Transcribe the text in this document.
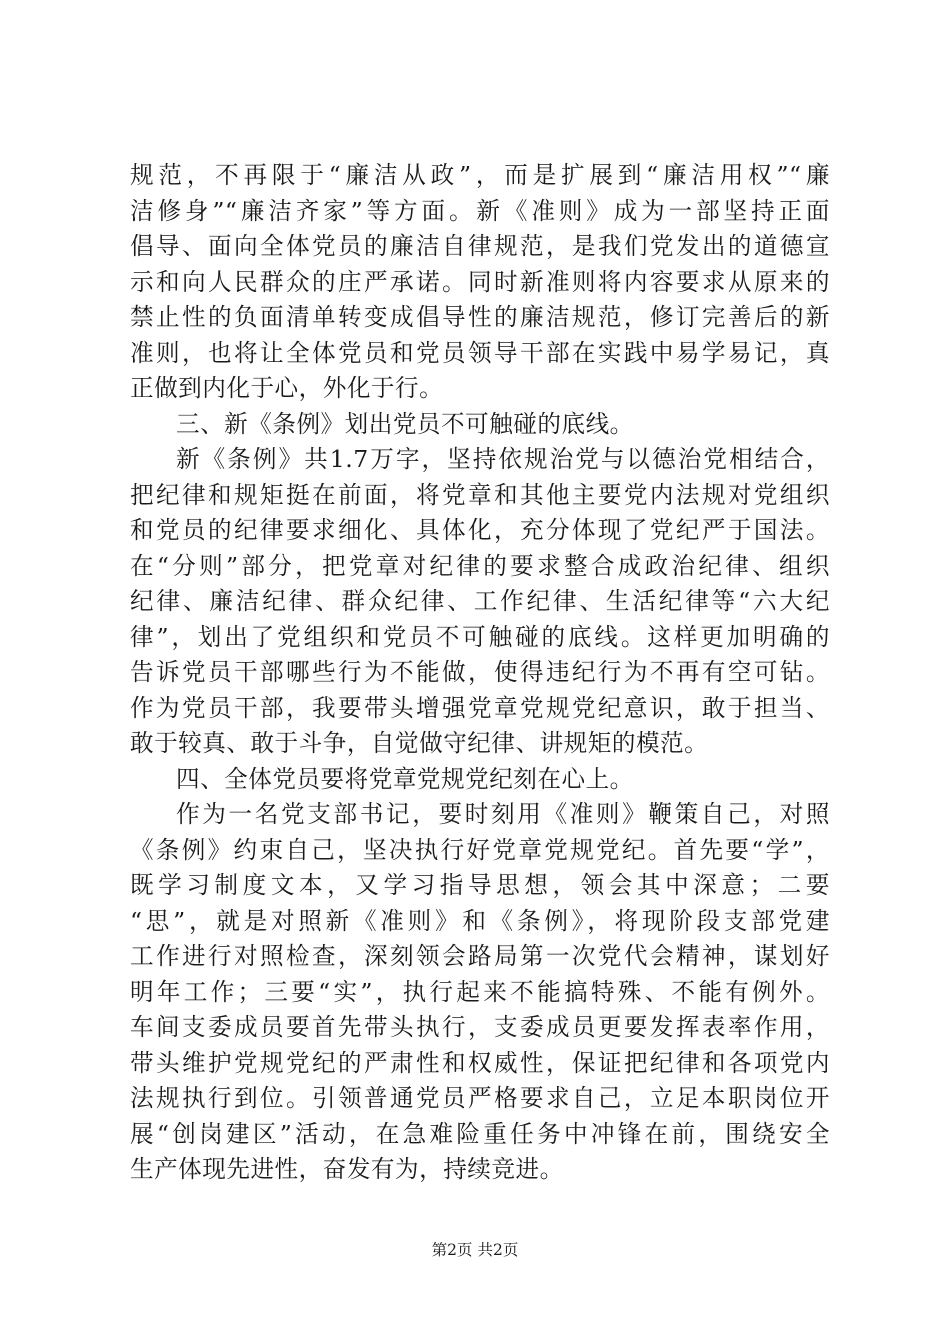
规范，不再限于“廉洁从政”，而是扩展到“廉洁用权”“廉
洁修身”“廉洁齐家”等方面。新《准则》成为一部坚持正面
倡导、面向全体党员的廉洁自律规范，是我们党发出的道德宣
示和向人民群众的庄严承诺。同时新准则将内容要求从原来的
禁止性的负面清单转变成倡导性的廉洁规范，修订完善后的新
准则，也将让全体党员和党员领导干部在实践中易学易记，真
正做到内化于心，外化于行。
三、新《条例》划出党员不可触碰的底线。
新《条例》共1.7万字，坚持依规治党与以德治党相结合，
把纪律和规矩挺在前面，将党章和其他主要党内法规对党组织
和党员的纪律要求细化、具体化，充分体现了党纪严于国法。
在“分则”部分，把党章对纪律的要求整合成政治纪律、组织
纪律、廉洁纪律、群众纪律、工作纪律、生活纪律等“六大纪
律”，划出了党组织和党员不可触碰的底线。这样更加明确的
告诉党员干部哪些行为不能做，使得违纪行为不再有空可钻。
作为党员干部，我要带头增强党章党规党纪意识，敢于担当、
敢于较真、敢于斗争，自觉做守纪律、讲规矩的模范。
四、全体党员要将党章党规党纪刻在心上。
作为一名党支部书记，要时刻用《准则》鞭策自己，对照
《条例》约束自己，坚决执行好党章党规党纪。首先要“学”，
既学习制度文本，又学习指导思想，领会其中深意；二要
“思”，就是对照新《准则》和《条例》，将现阶段支部党建
工作进行对照检查，深刻领会路局第一次党代会精神，谋划好
明年工作；三要“实”，执行起来不能搞特殊、不能有例外。
车间支委成员要首先带头执行，支委成员更要发挥表率作用，
带头维护党规党纪的严肃性和权威性，保证把纪律和各项党内
法规执行到位。引领普通党员严格要求自己，立足本职岗位开
展“创岗建区”活动，在急难险重任务中冲锋在前，围绕安全
生产体现先进性，奋发有为，持续竞进。
第2页 共2页
